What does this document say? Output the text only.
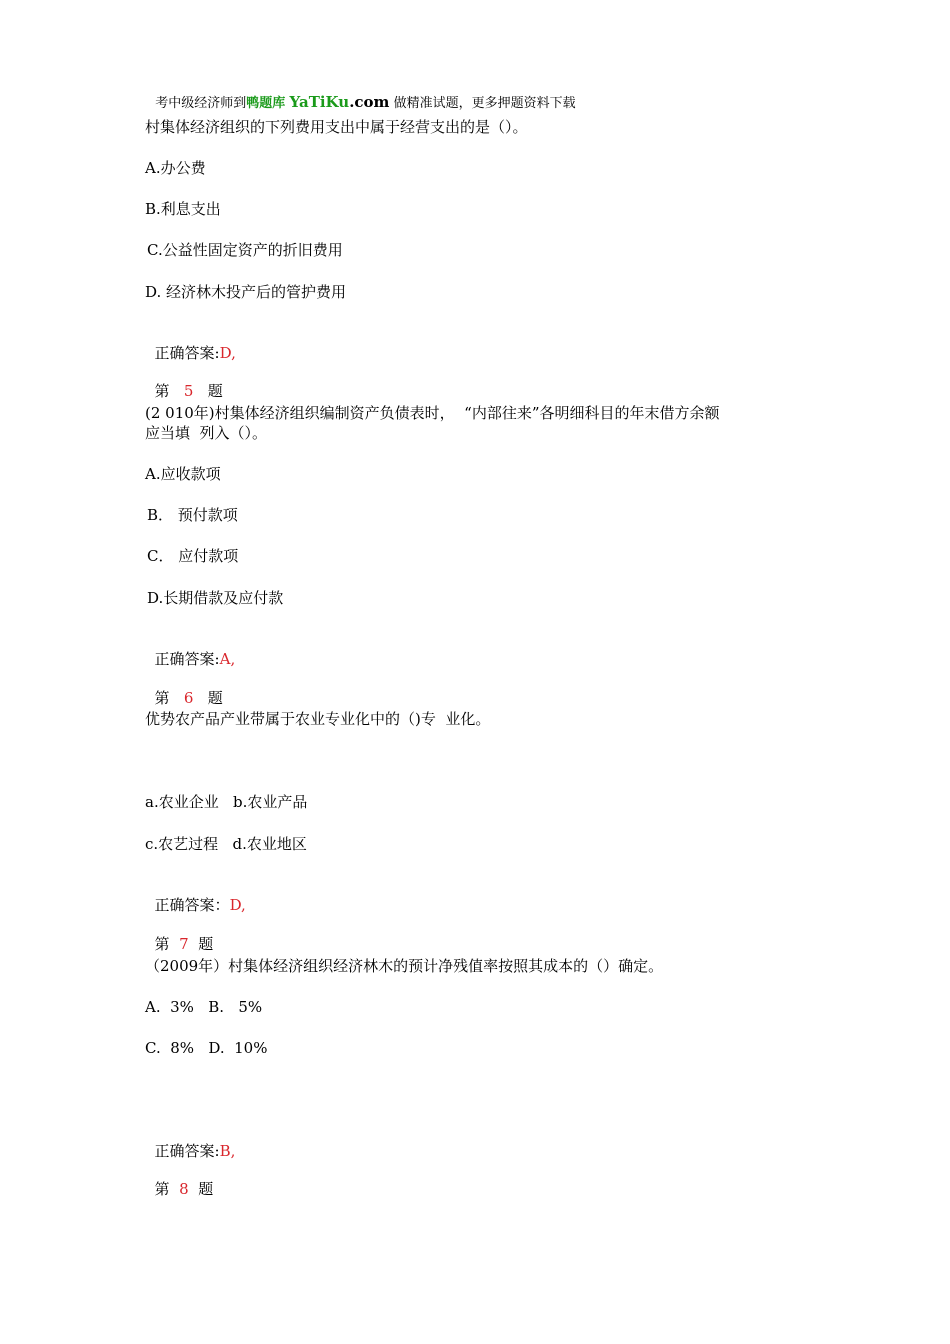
考中级经济师到鸭题库 YaTiKu.com 做精准试题，更多押题资料下载

村集体经济组织的下列费用支出中属于经营支出的是（）。
A.办公费
B.利息支出
C.公益性固定资产的折旧费用
D. 经济林木投产后的管护费用

正确答案:D,

第 5 题

(2 010年)村集体经济组织编制资产负债表时，  “内部往来”各明细科目的年末借方余额
应当填  列入（）。
A.应收款项
B． 预付款项
C． 应付款项
D.长期借款及应付款

正确答案:A,

第 6 题

优势农产品产业带属于农业专业化中的（)专  业化。
a.农业企业   b.农业产品
c.农艺过程   d.农业地区

正确答案：D,

第 7 题

（2009年）村集体经济组织经济林木的预计净残值率按照其成本的（）确定。
A.  3%   B.   5%
C.  8%   D.  10%

正确答案:B,

第 8 题
